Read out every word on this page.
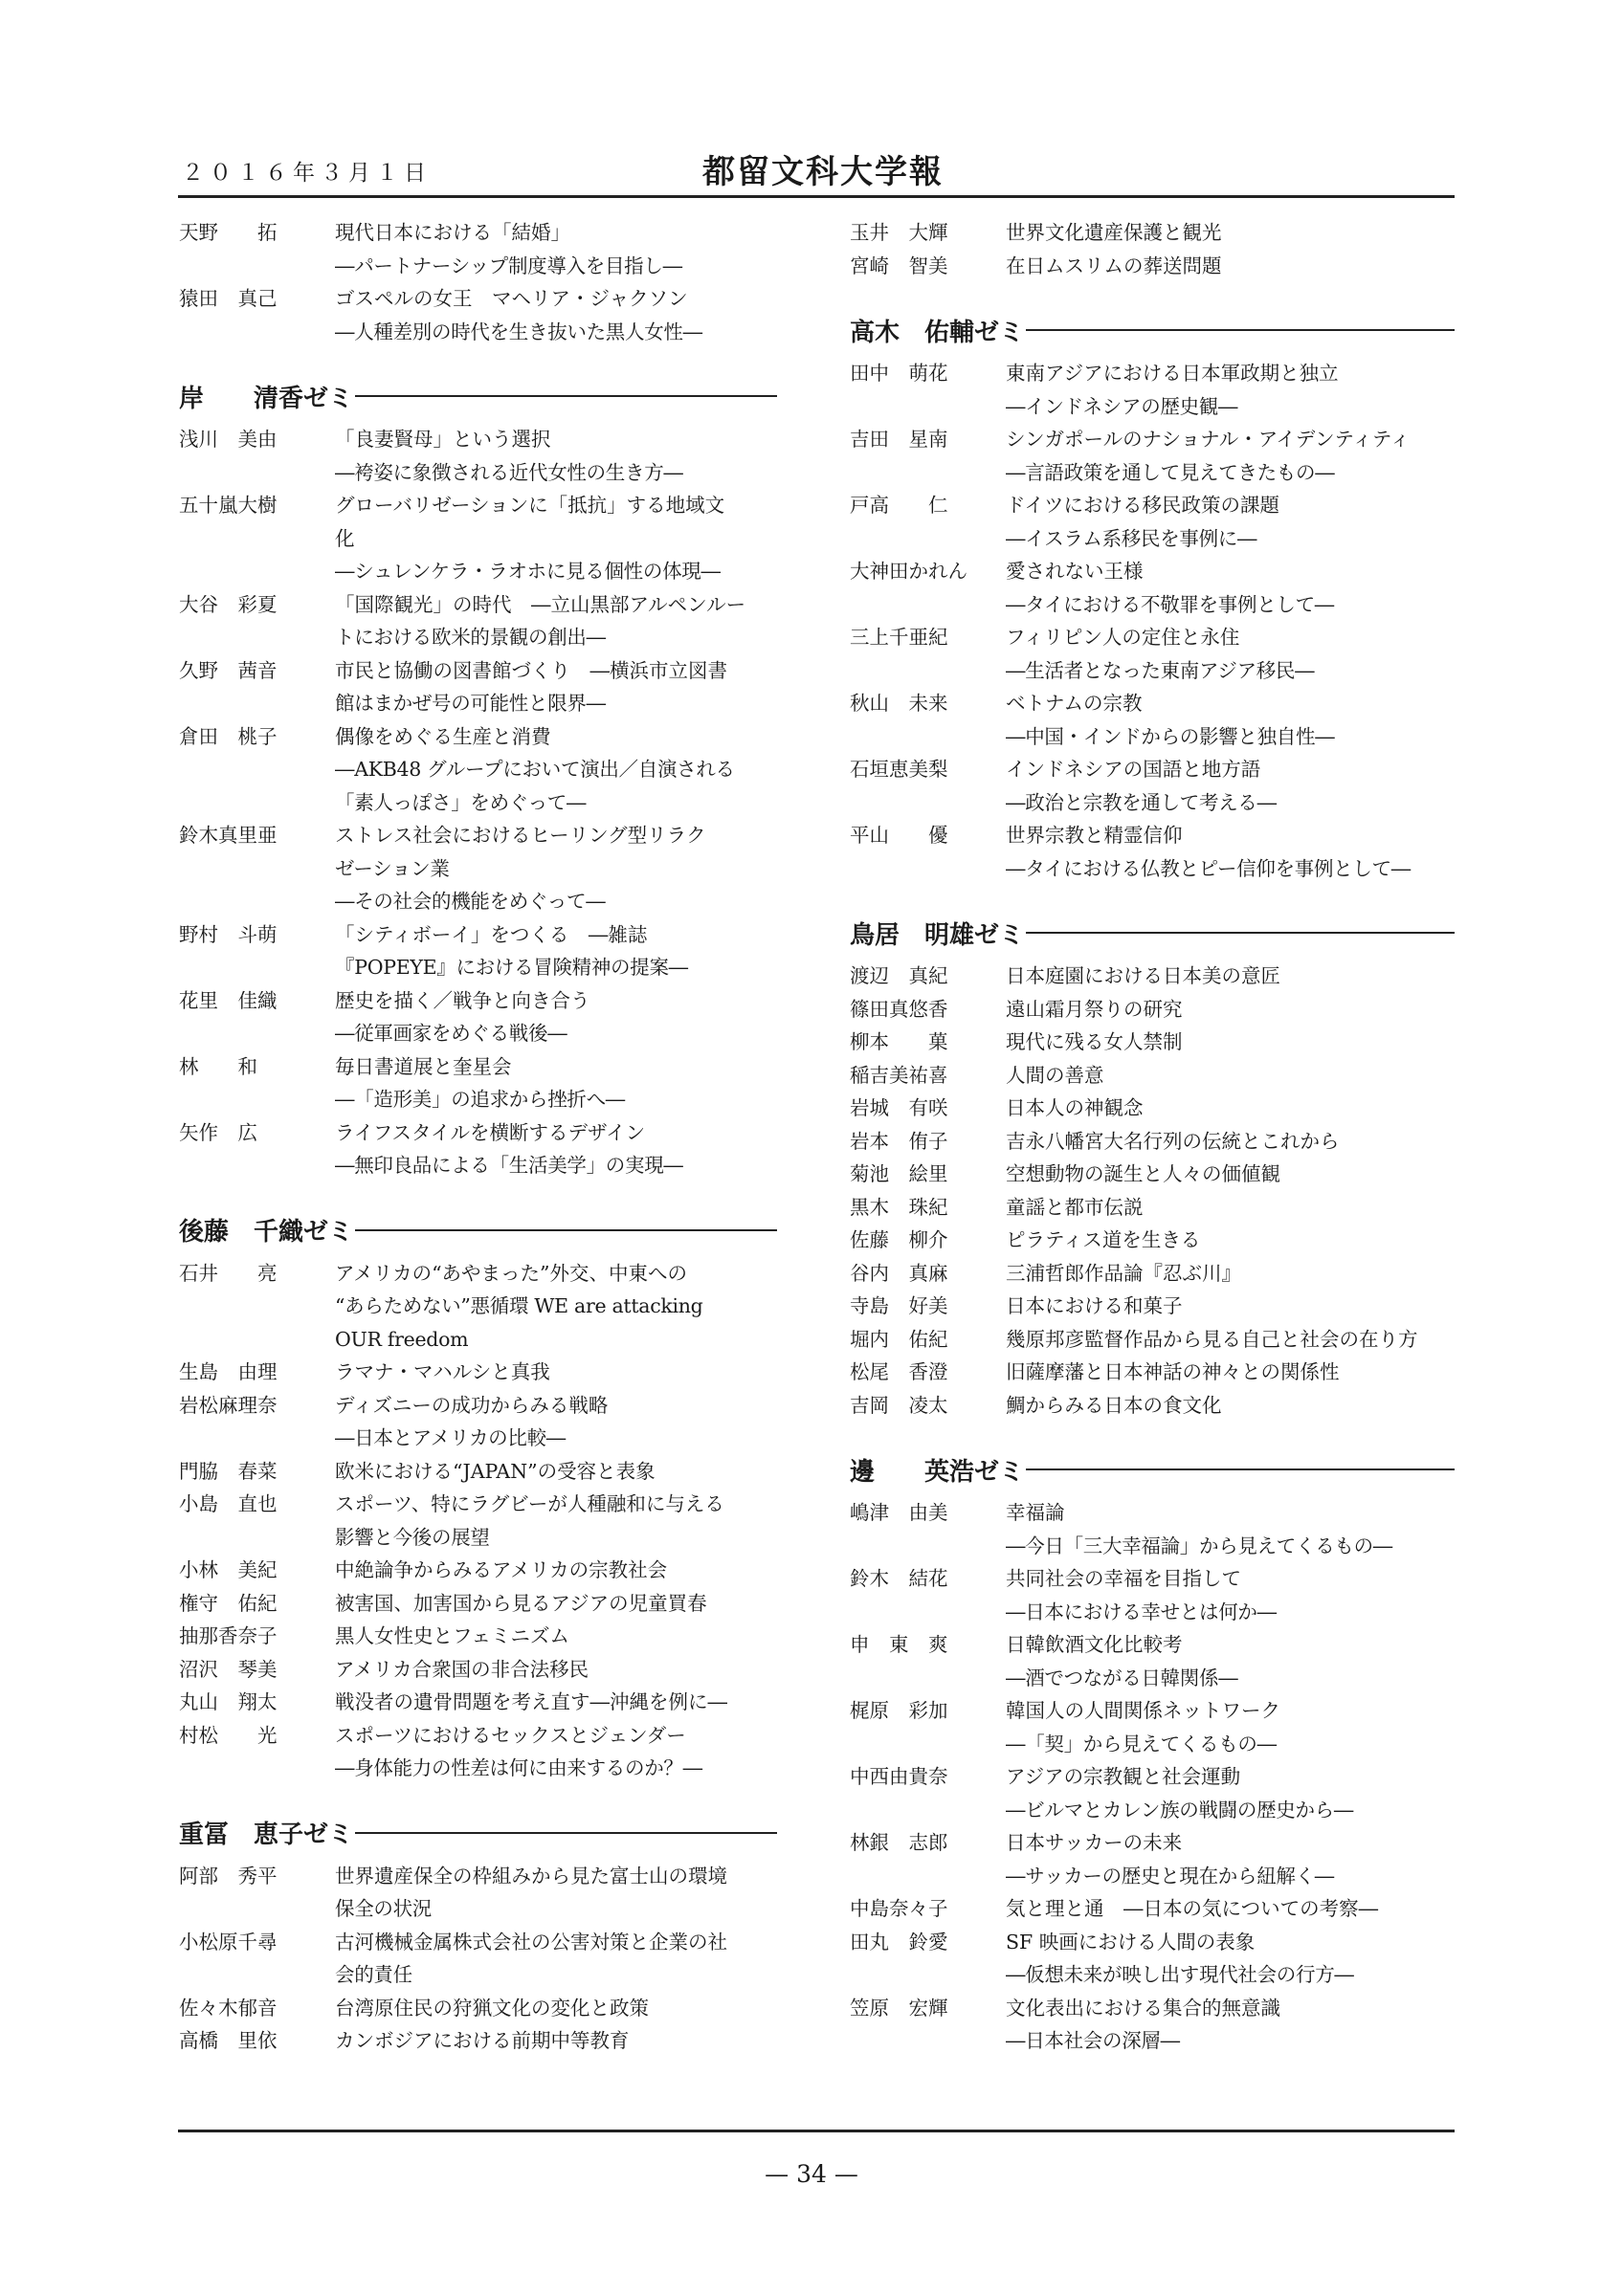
２０１６年３月１日	都留文科大学報
天野　　拓	現代日本における「結婚」
―パートナーシップ制度導入を目指し―
猿田　真己	ゴスペルの女王　マヘリア・ジャクソン
―人種差別の時代を生き抜いた黒人女性―
岸　　清香ゼミ
浅川　美由	「良妻賢母」という選択
―袴姿に象徴される近代女性の生き方―
五十嵐大樹	グローバリゼーションに「抵抗」する地域文
化
―シュレンケラ・ラオホに見る個性の体現―
大谷　彩夏	「国際観光」の時代　―立山黒部アルペンルー
トにおける欧米的景観の創出―
久野　茜音	市民と協働の図書館づくり　―横浜市立図書
館はまかぜ号の可能性と限界―
倉田　桃子	偶像をめぐる生産と消費
―AKB48 グループにおいて演出／自演される
「素人っぽさ」をめぐって―
鈴木真里亜	ストレス社会におけるヒーリング型リラク
ゼーション業
―その社会的機能をめぐって―
野村　斗萌	「シティボーイ」をつくる　―雑誌
『POPEYE』における冒険精神の提案―
花里　佳織	歴史を描く／戦争と向き合う
―従軍画家をめぐる戦後―
林　　和	毎日書道展と奎星会
―「造形美」の追求から挫折へ―
矢作　広	ライフスタイルを横断するデザイン
―無印良品による「生活美学」の実現―
後藤　千織ゼミ
石井　　亮	アメリカの“あやまった”外交、中東への
“あらためない”悪循環 WE are attacking
OUR freedom
生島　由理	ラマナ・マハルシと真我
岩松麻理奈	ディズニーの成功からみる戦略
―日本とアメリカの比較―
門脇　春菜	欧米における“JAPAN”の受容と表象
小島　直也	スポーツ、特にラグビーが人種融和に与える
影響と今後の展望
小林　美紀	中絶論争からみるアメリカの宗教社会
権守　佑紀	被害国、加害国から見るアジアの児童買春
抽那香奈子	黒人女性史とフェミニズム
沼沢　琴美	アメリカ合衆国の非合法移民
丸山　翔太	戦没者の遺骨問題を考え直す―沖縄を例に―
村松　　光	スポーツにおけるセックスとジェンダー
―身体能力の性差は何に由来するのか？―
重冨　恵子ゼミ
阿部　秀平	世界遺産保全の枠組みから見た富士山の環境
保全の状況
小松原千尋	古河機械金属株式会社の公害対策と企業の社
会的責任
佐々木郁音	台湾原住民の狩猟文化の変化と政策
高橋　里依	カンボジアにおける前期中等教育
玉井　大輝	世界文化遺産保護と観光
宮崎　智美	在日ムスリムの葬送問題
高木　佑輔ゼミ
田中　萌花	東南アジアにおける日本軍政期と独立
―インドネシアの歴史観―
吉田　星南	シンガポールのナショナル・アイデンティティ
―言語政策を通して見えてきたもの―
戸高　　仁	ドイツにおける移民政策の課題
―イスラム系移民を事例に―
大神田かれん	愛されない王様
―タイにおける不敬罪を事例として―
三上千亜紀	フィリピン人の定住と永住
―生活者となった東南アジア移民―
秋山　未来	ベトナムの宗教
―中国・インドからの影響と独自性―
石垣恵美梨	インドネシアの国語と地方語
―政治と宗教を通して考える―
平山　　優	世界宗教と精霊信仰
―タイにおける仏教とピー信仰を事例として―
鳥居　明雄ゼミ
渡辺　真紀	日本庭園における日本美の意匠
篠田真悠香	遠山霜月祭りの研究
柳本　　菓	現代に残る女人禁制
稲吉美祐喜	人間の善意
岩城　有咲	日本人の神観念
岩本　侑子	吉永八幡宮大名行列の伝統とこれから
菊池　絵里	空想動物の誕生と人々の価値観
黒木　珠紀	童謡と都市伝説
佐藤　柳介	ピラティス道を生きる
谷内　真麻	三浦哲郎作品論『忍ぶ川』
寺島　好美	日本における和菓子
堀内　佑紀	幾原邦彦監督作品から見る自己と社会の在り方
松尾　香澄	旧薩摩藩と日本神話の神々との関係性
吉岡　凌太	鯛からみる日本の食文化
邊　　英浩ゼミ
嶋津　由美	幸福論
―今日「三大幸福論」から見えてくるもの―
鈴木　結花	共同社会の幸福を目指して
―日本における幸せとは何か―
申　東　爽	日韓飲酒文化比較考
―酒でつながる日韓関係―
梶原　彩加	韓国人の人間関係ネットワーク
―「契」から見えてくるもの―
中西由貴奈	アジアの宗教観と社会運動
―ビルマとカレン族の戦闘の歴史から―
林銀　志郎	日本サッカーの未来
―サッカーの歴史と現在から紐解く―
中島奈々子	気と理と通　―日本の気についての考察―
田丸　鈴愛	SF 映画における人間の表象
―仮想未来が映し出す現代社会の行方―
笠原　宏輝	文化表出における集合的無意識
―日本社会の深層―
— 34 —
